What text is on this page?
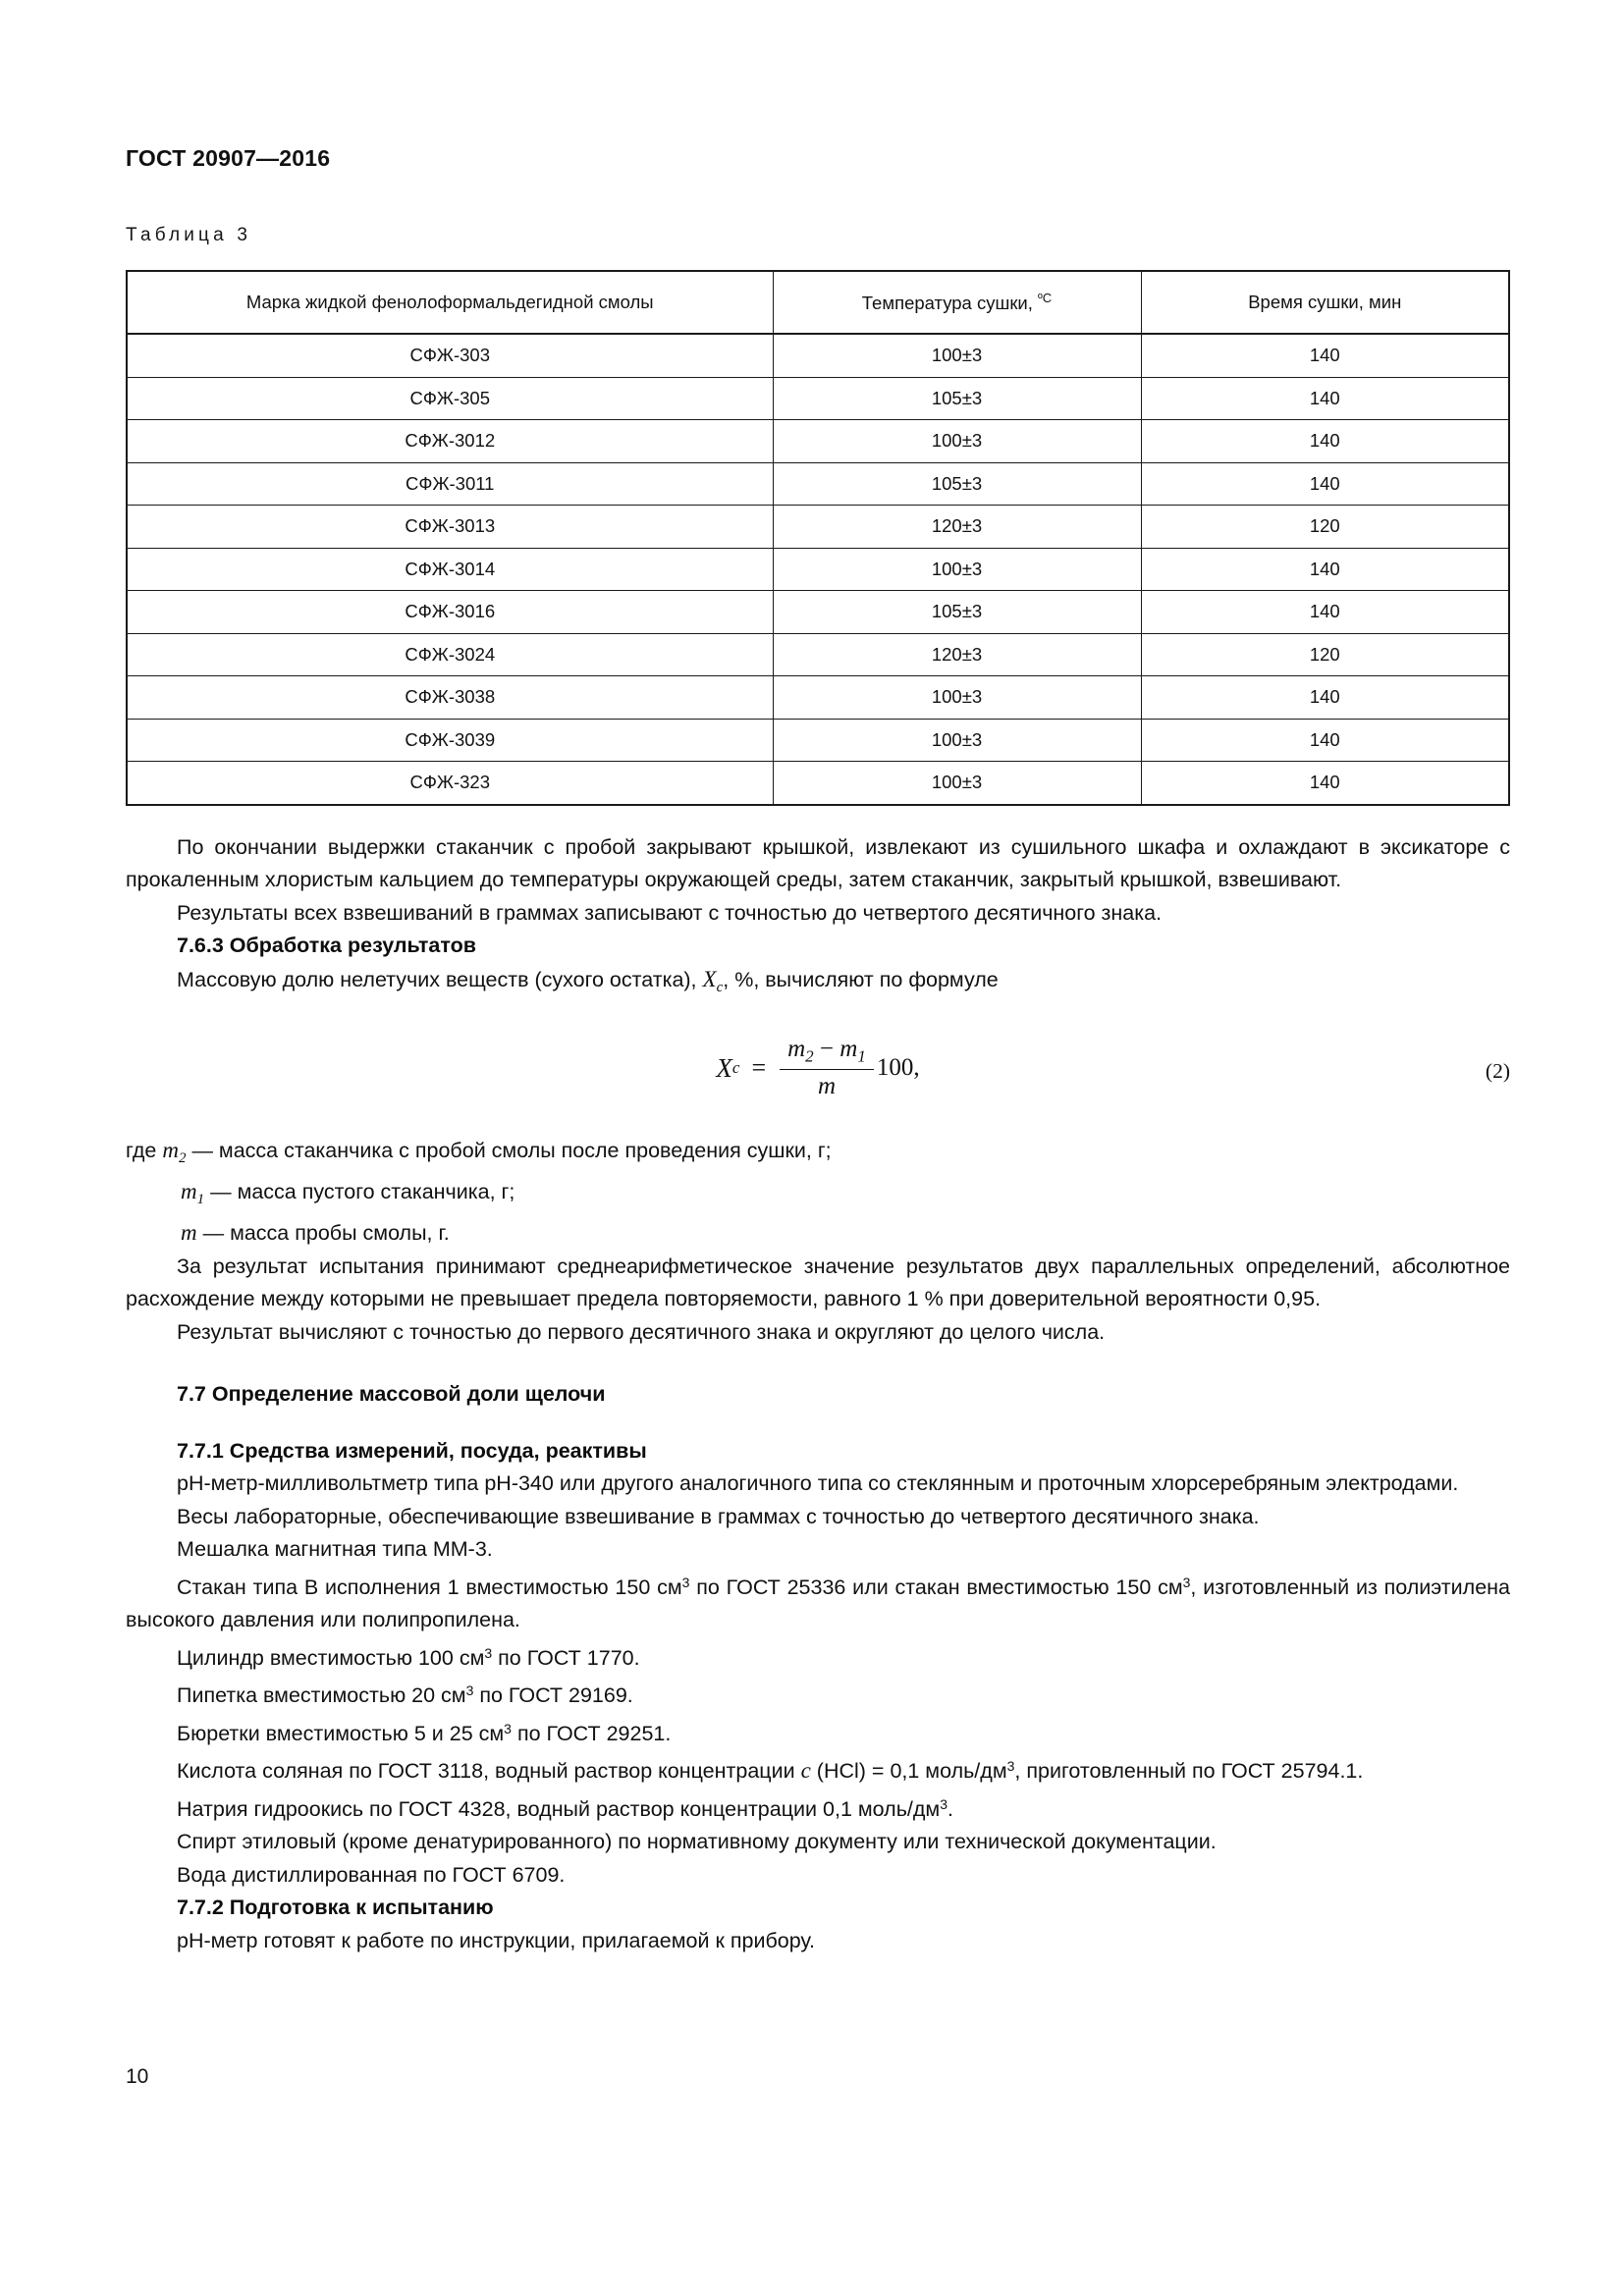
ГОСТ 20907—2016
Таблица 3
Марка жидкой фенолоформальдегидной смолы	Температура сушки, $^{ºС}$	Время сушки, мин
СФЖ-303	100±3	140
СФЖ-305	105±3	140
СФЖ-3012	100±3	140
СФЖ-3011	105±3	140
СФЖ-3013	120±3	120
СФЖ-3014	100±3	140
СФЖ-3016	105±3	140
СФЖ-3024	120±3	120
СФЖ-3038	100±3	140
СФЖ-3039	100±3	140
СФЖ-323	100±3	140

По окончании выдержки стаканчик с пробой закрывают крышкой, извлекают из сушильного шкафа и охлаждают в эксикаторе с прокаленным хлористым кальцием до температуры окружающей среды, затем стаканчик, закрытый крышкой, взвешивают.

Результаты всех взвешиваний в граммах записывают с точностью до четвертого десятичного знака.

7.6.3 Обработка результатов

Массовую долю нелетучих веществ (сухого остатка), $X_с$, %, вычисляют по формуле

X $c = \frac{m_2 - m_1}{m} 100$,	(2)
где $m_2$ — масса стаканчика с пробой смолы после проведения сушки, г;
$m_1$ — масса пустого стаканчика, г;
m — масса пробы смолы, г.

За результат испытания принимают среднеарифметическое значение результатов двух параллельных определений, абсолютное расхождение между которыми не превышает предела повторяемости, равного 1 % при доверительной вероятности 0,95.

Результат вычисляют с точностью до первого десятичного знака и округляют до целого числа.

7.7 Определение массовой доли щелочи
7.7.1 Средства измерений, посуда, реактивы

pH-метр-милливольтметр типа pH-340 или другого аналогичного типа со стеклянным и проточным хлорсеребряным электродами.

Весы лабораторные, обеспечивающие взвешивание в граммах с точностью до четвертого десятичного знака.

Мешалка магнитная типа ММ-3.

Стакан типа В исполнения 1 вместимостью 150 $см^3$ по ГОСТ 25336 или стакан вместимостью 150 $см^3$, изготовленный из полиэтилена высокого давления или полипропилена.

Цилиндр вместимостью 100 $см^3$ по ГОСТ 1770.

Пипетка вместимостью 20 $см^3$ по ГОСТ 29169.

Бюретки вместимостью 5 и 25 $см^3$ по ГОСТ 29251.

Кислота соляная по ГОСТ 3118, водный раствор концентрации с (HCl) = 0,1 моль/$дм^3$, приготовленный по ГОСТ 25794.1.

Натрия гидроокись по ГОСТ 4328, водный раствор концентрации 0,1 моль/$дм^3$.

Спирт этиловый (кроме денатурированного) по нормативному документу или технической документации.

Вода дистиллированная по ГОСТ 6709.

7.7.2 Подготовка к испытанию

pH-метр готовят к работе по инструкции, прилагаемой к прибору.

10
